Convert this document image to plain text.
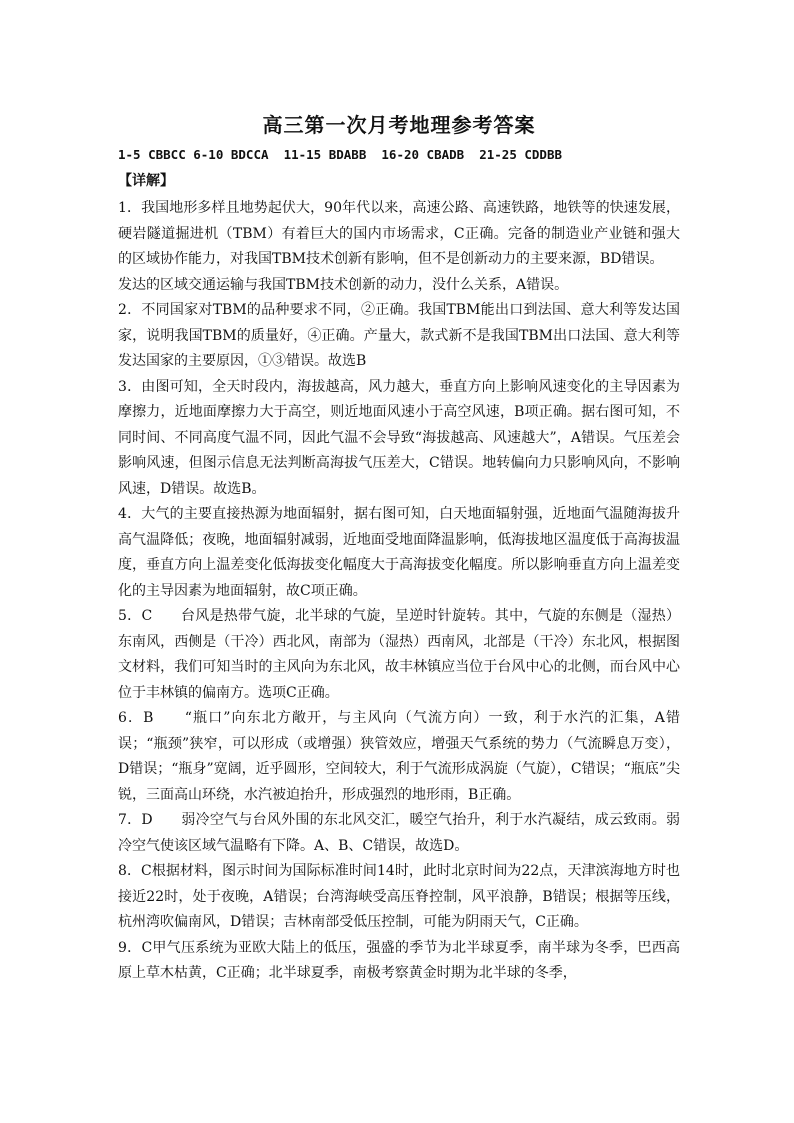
高三第一次月考地理参考答案
1-5 CBBCC 6-10 BDCCA  11-15 BDABB  16-20 CBADB  21-25 CDDBB
【详解】

1．我国地形多样且地势起伏大，90年代以来，高速公路、高速铁路，地铁等的快速发展，硬岩隧道掘进机（TBM）有着巨大的国内市场需求，C正确。完备的制造业产业链和强大的区域协作能力，对我国TBM技术创新有影响，但不是创新动力的主要来源，BD错误。

发达的区域交通运输与我国TBM技术创新的动力，没什么关系，A错误。

2．不同国家对TBM的品种要求不同，②正确。我国TBM能出口到法国、意大利等发达国家，说明我国TBM的质量好，④正确。产量大，款式新不是我国TBM出口法国、意大利等发达国家的主要原因，①③错误。故选B

3．由图可知，全天时段内，海拔越高，风力越大，垂直方向上影响风速变化的主导因素为摩擦力，近地面摩擦力大于高空，则近地面风速小于高空风速，B项正确。据右图可知，不同时间、不同高度气温不同，因此气温不会导致“海拔越高、风速越大”，A错误。气压差会影响风速，但图示信息无法判断高海拔气压差大，C错误。地转偏向力只影响风向，不影响风速，D错误。故选B。

4．大气的主要直接热源为地面辐射，据右图可知，白天地面辐射强，近地面气温随海拔升高气温降低；夜晚，地面辐射减弱，近地面受地面降温影响，低海拔地区温度低于高海拔温度，垂直方向上温差变化低海拔变化幅度大于高海拔变化幅度。所以影响垂直方向上温差变化的主导因素为地面辐射，故C项正确。

5．C　　台风是热带气旋，北半球的气旋，呈逆时针旋转。其中，气旋的东侧是（湿热）东南风，西侧是（干冷）西北风，南部为（湿热）西南风，北部是（干冷）东北风，根据图文材料，我们可知当时的主风向为东北风，故丰林镇应当位于台风中心的北侧，而台风中心位于丰林镇的偏南方。选项C正确。

6．B　　“瓶口”向东北方敞开，与主风向（气流方向）一致，利于水汽的汇集，A错误；“瓶颈”狭窄，可以形成（或增强）狭管效应，增强天气系统的势力（气流瞬息万变），D错误；“瓶身”宽阔，近乎圆形，空间较大，利于气流形成涡旋（气旋），C错误；“瓶底”尖锐，三面高山环绕，水汽被迫抬升，形成强烈的地形雨，B正确。

7．D　　弱冷空气与台风外围的东北风交汇，暖空气抬升，利于水汽凝结，成云致雨。弱冷空气使该区域气温略有下降。A、B、C错误，故选D。

8．C根据材料，图示时间为国际标准时间14时，此时北京时间为22点，天津滨海地方时也接近22时，处于夜晚，A错误；台湾海峡受高压脊控制，风平浪静，B错误；根据等压线，杭州湾吹偏南风，D错误；吉林南部受低压控制，可能为阴雨天气，C正确。

9．C甲气压系统为亚欧大陆上的低压，强盛的季节为北半球夏季，南半球为冬季，巴西高原上草木枯黄，C正确；北半球夏季，南极考察黄金时期为北半球的冬季，
